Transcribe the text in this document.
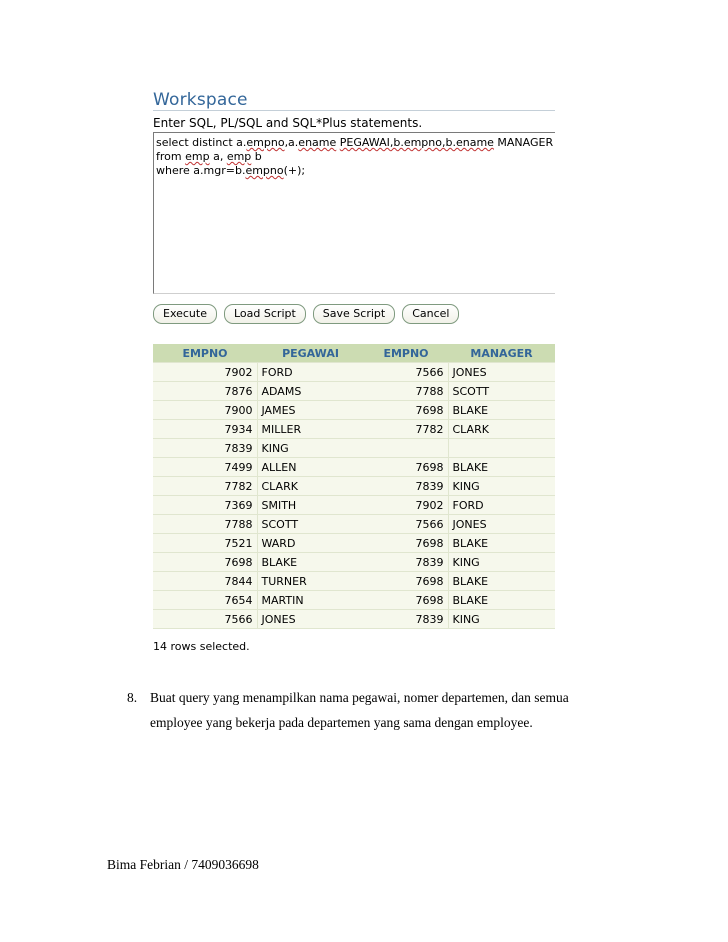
Workspace
Enter SQL, PL/SQL and SQL*Plus statements.
select distinct a.empno,a.ename PEGAWAI,b.empno,b.ename MANAGER
from emp a, emp b
where a.mgr=b.empno(+);
Execute	Load Script	Save Script	Cancel
EMPNO	PEGAWAI	EMPNO	MANAGER
7902	FORD	7566	JONES
7876	ADAMS	7788	SCOTT
7900	JAMES	7698	BLAKE
7934	MILLER	7782	CLARK
7839	KING		
7499	ALLEN	7698	BLAKE
7782	CLARK	7839	KING
7369	SMITH	7902	FORD
7788	SCOTT	7566	JONES
7521	WARD	7698	BLAKE
7698	BLAKE	7839	KING
7844	TURNER	7698	BLAKE
7654	MARTIN	7698	BLAKE
7566	JONES	7839	KING
14 rows selected.
8. Buat query yang menampilkan nama pegawai, nomer departemen, dan semua employee yang bekerja pada departemen yang sama dengan employee.
Bima Febrian / 7409036698
